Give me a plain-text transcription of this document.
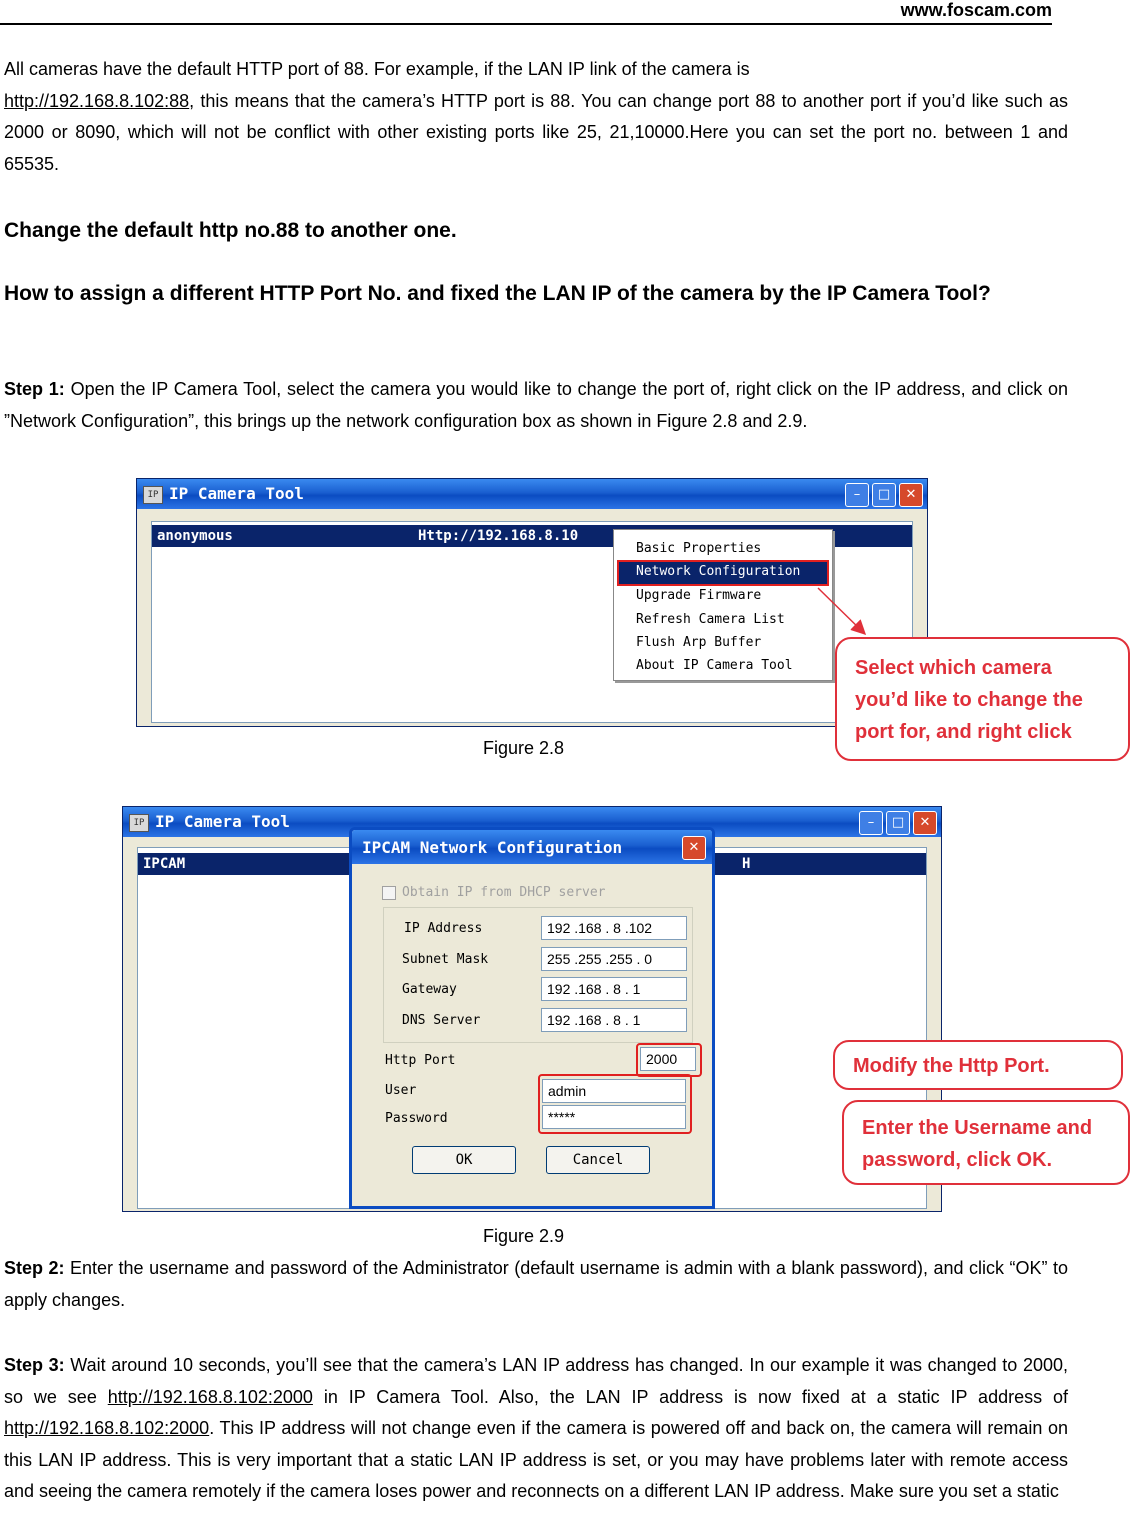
www.foscam.com
All cameras have the default HTTP port of 88. For example, if the LAN IP link of the camera is
http://192.168.8.102:88, this means that the camera’s HTTP port is 88. You can change port 88 to another port if you’d like such as 2000 or 8090, which will not be conflict with other existing ports like 25, 21,10000.Here you can set the port no. between 1 and 65535.
Change the default http no.88 to another one.
How to assign a different HTTP Port No. and fixed the LAN IP of the camera by the IP Camera Tool?
Step 1: Open the IP Camera Tool, select the camera you would like to change the port of, right click on the IP address, and click on ”Network Configuration”, this brings up the network configuration box as shown in Figure 2.8 and 2.9.
IP IP Camera Tool	–	□	✕
anonymous	Http://192.168.8.10
Basic Properties
Network Configuration
Upgrade Firmware
Refresh Camera List
Flush Arp Buffer
About IP Camera Tool	Select which camera
you’d like to change the
port for, and right click
Figure 2.8
IP IP Camera Tool	–	□	✕
IPCAM	H
IPCAM Network Configuration	✕
Obtain IP from DHCP server
IP Address	192 .168 . 8 .102
Subnet Mask	255 .255 .255 . 0
Gateway	192 .168 . 8 . 1
DNS Server	192 .168 . 8 . 1
Http Port	2000
User	admin
Password	*****
OK	Cancel
Modify the Http Port.
Enter the Username and
password, click OK.
Figure 2.9
Step 2: Enter the username and password of the Administrator (default username is admin with a blank password), and click “OK” to apply changes.
Step 3: Wait around 10 seconds, you’ll see that the camera’s LAN IP address has changed. In our example it was changed to 2000, so we see http://192.168.8.102:2000 in IP Camera Tool. Also, the LAN IP address is now fixed at a static IP address of http://192.168.8.102:2000. This IP address will not change even if the camera is powered off and back on, the camera will remain on this LAN IP address. This is very important that a static LAN IP address is set, or you may have problems later with remote access and seeing the camera remotely if the camera loses power and reconnects on a different LAN IP address. Make sure you set a static
